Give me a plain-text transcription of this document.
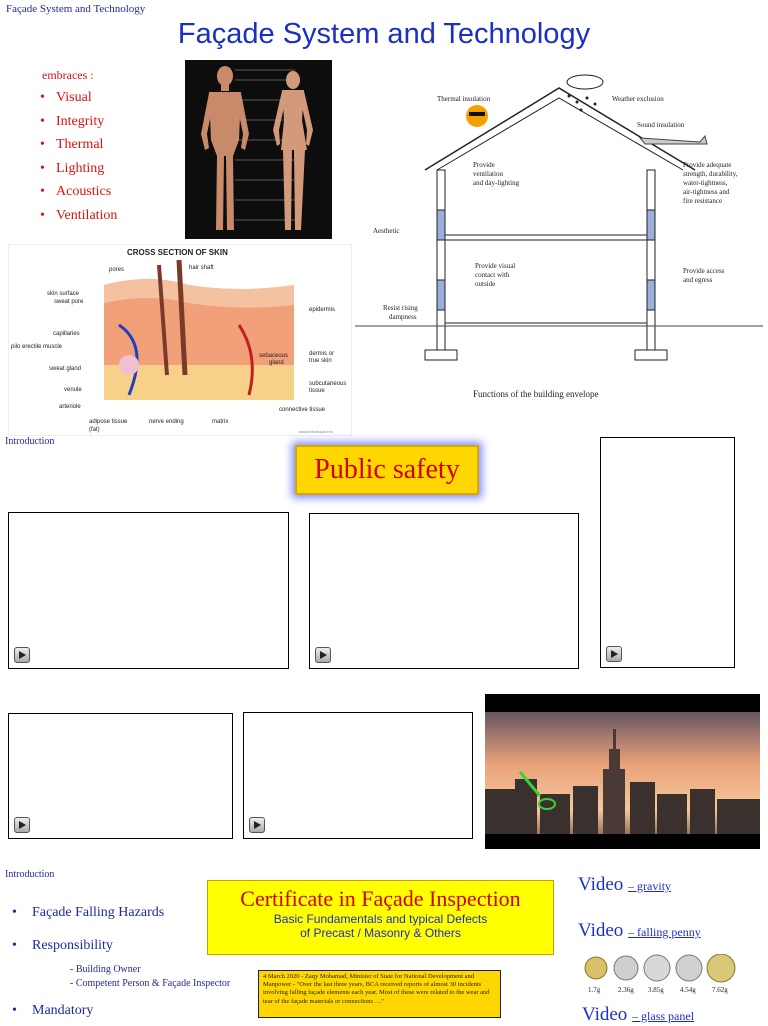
Façade System and Technology
Façade System and Technology
embraces :
• Visual
• Integrity
• Thermal
• Lighting
• Acoustics
• Ventilation
CROSS SECTION OF SKIN
pores	hair shaft
skin surface
sweat pore
capillaries
pilo erectile muscle
sweat gland
venule
arteriole
adipose tissue
(fat)
nerve ending	matrix
connective tissue
epidermis
dermis or
true skin
sebaceous
gland
subcutaneous
tissue
www.infovisual.info
Thermal insulation	Weather exclusion
Sound insulation
Provide
ventilation
and day-lighting
Provide adequate
strength, durability,
water-tightness,
air-tightness and
fire resistance
Aesthetic
Provide visual
contact with
outside
Provide access
and egress
Resist rising
dampness
Functions of the building envelope
Introduction
Public safety
Introduction
• Façade Falling Hazards
• Responsibility
• Mandatory
- Building Owner
- Competent Person & Façade Inspector
Certificate in Façade Inspection
Basic Fundamentals and typical Defects
of Precast / Masonry & Others
4 March 2020 - Zaqy Mohamad, Minister of State for National Development and Manpower - "Over the last three years, BCA received reports of almost 30 incidents involving falling façade elements each year. Most of these were related to the wear and tear of the façade materials or connections …"
Video – gravity
Video – falling penny
Video – glass panel
1.7g	2.36g 3.85g 4.54g 7.62g
